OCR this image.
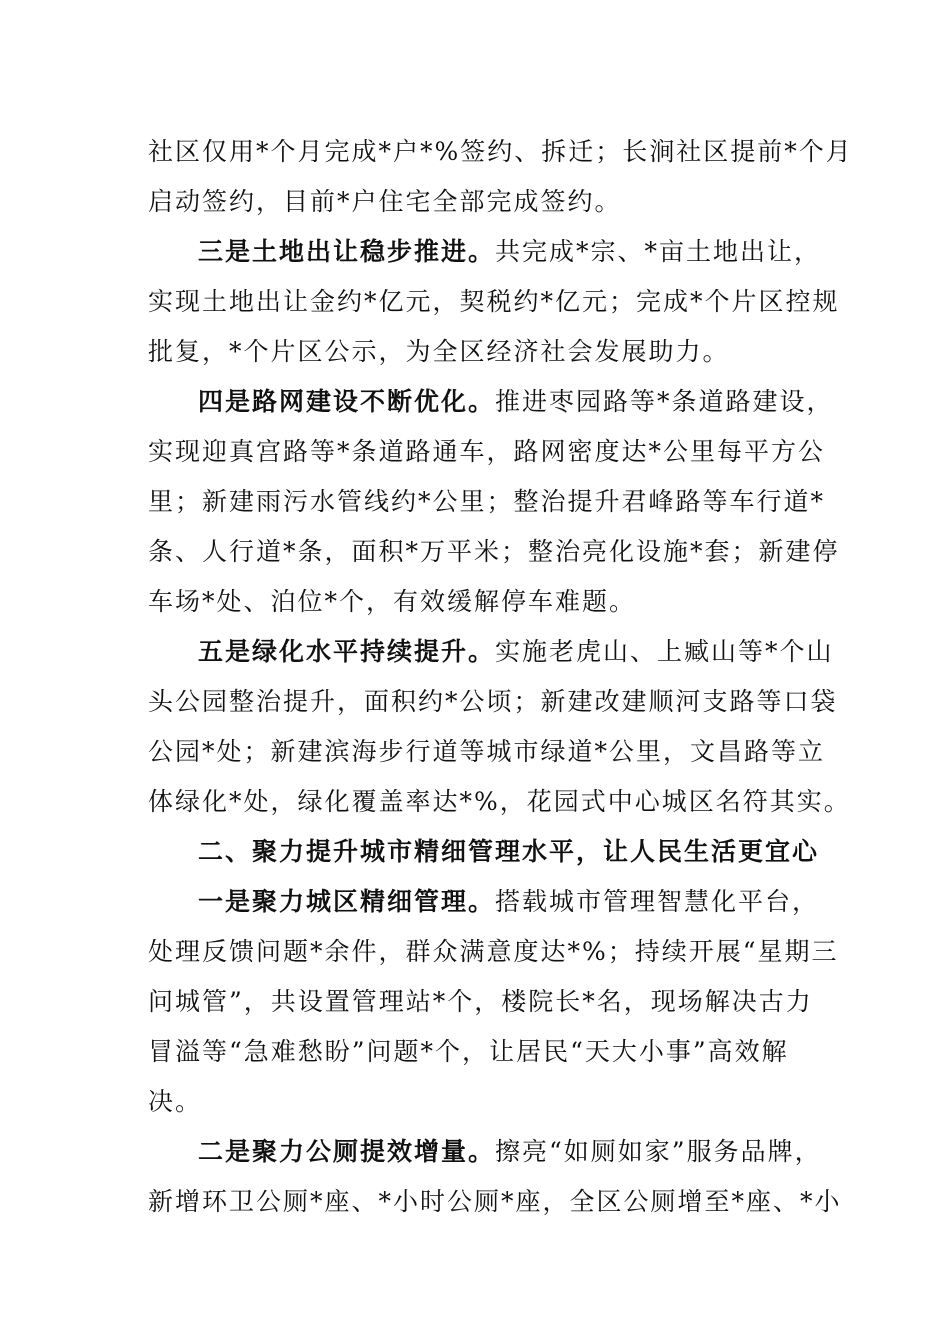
社区仅用*个月完成*户*%签约、拆迁；长涧社区提前*个月
启动签约，目前*户住宅全部完成签约。
三是土地出让稳步推进。共完成*宗、*亩土地出让，
实现土地出让金约*亿元，契税约*亿元；完成*个片区控规
批复，*个片区公示，为全区经济社会发展助力。
四是路网建设不断优化。推进枣园路等*条道路建设，
实现迎真宫路等*条道路通车，路网密度达*公里每平方公
里；新建雨污水管线约*公里；整治提升君峰路等车行道*
条、人行道*条，面积*万平米；整治亮化设施*套；新建停
车场*处、泊位*个，有效缓解停车难题。
五是绿化水平持续提升。实施老虎山、上臧山等*个山
头公园整治提升，面积约*公顷；新建改建顺河支路等口袋
公园*处；新建滨海步行道等城市绿道*公里，文昌路等立
体绿化*处，绿化覆盖率达*%，花园式中心城区名符其实。
二、聚力提升城市精细管理水平，让人民生活更宜心
一是聚力城区精细管理。搭载城市管理智慧化平台，
处理反馈问题*余件，群众满意度达*%；持续开展“星期三
问城管”，共设置管理站*个，楼院长*名，现场解决古力
冒溢等“急难愁盼”问题*个，让居民“天大小事”高效解
决。
二是聚力公厕提效增量。擦亮“如厕如家”服务品牌，
新增环卫公厕*座、*小时公厕*座，全区公厕增至*座、*小
